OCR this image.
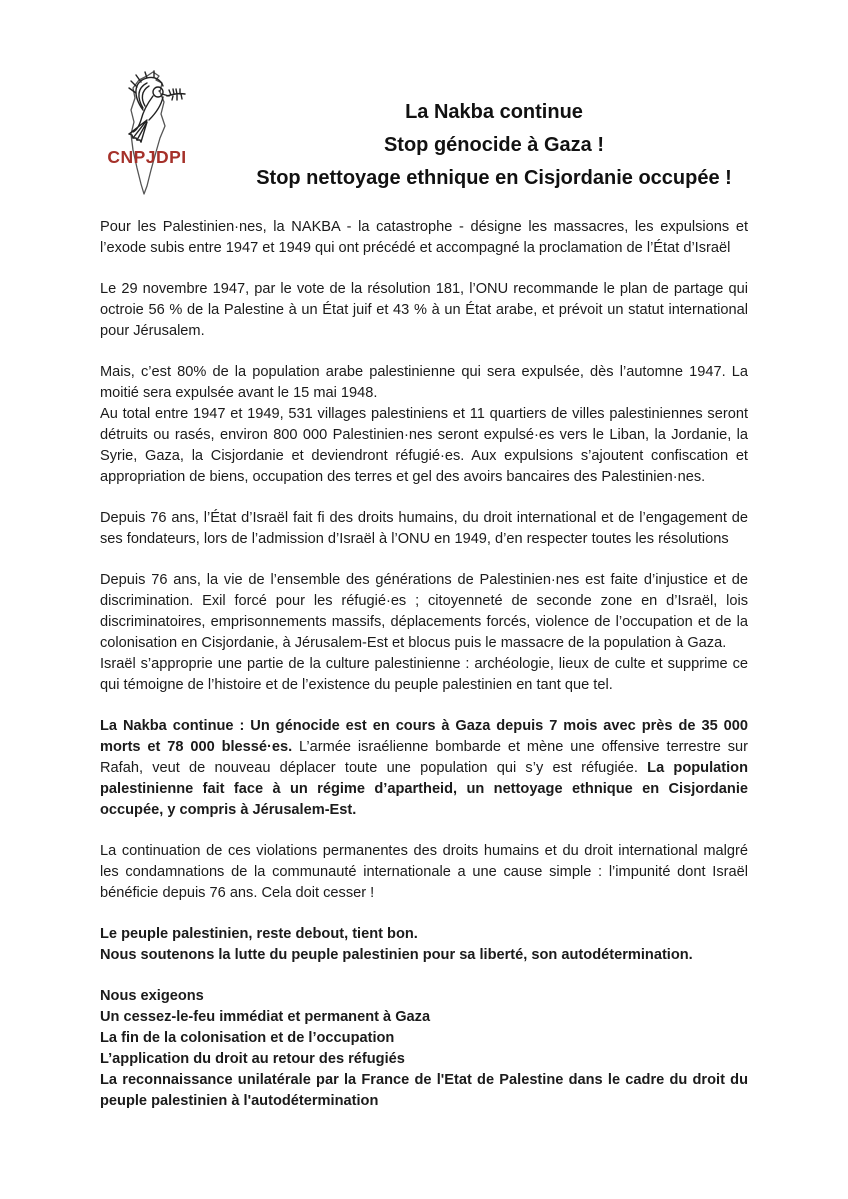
CNPJDPI
La Nakba continue
Stop génocide à Gaza !
Stop nettoyage ethnique en Cisjordanie occupée !

Pour les Palestinien·nes, la NAKBA - la catastrophe - désigne les massacres, les expulsions et l’exode subis entre 1947 et 1949 qui ont précédé et accompagné la proclamation de l’État d’Israël

Le 29 novembre 1947, par le vote de la résolution 181, l’ONU recommande le plan de partage qui octroie 56 % de la Palestine à un État juif et 43 % à un État arabe, et prévoit un statut international pour Jérusalem.

Mais, c’est 80% de la population arabe palestinienne qui sera expulsée, dès l’automne 1947. La moitié sera expulsée avant le 15 mai 1948.

Au total entre 1947 et 1949, 531 villages palestiniens et 11 quartiers de villes palestiniennes seront détruits ou rasés, environ 800 000 Palestinien·nes seront expulsé·es vers le Liban, la Jordanie, la Syrie, Gaza, la Cisjordanie et deviendront réfugié·es. Aux expulsions s’ajoutent confiscation et appropriation de biens, occupation des terres et gel des avoirs bancaires des Palestinien·nes.

Depuis 76 ans, l’État d’Israël fait fi des droits humains, du droit international et de l’engagement de ses fondateurs, lors de l’admission d’Israël à l’ONU en 1949, d’en respecter toutes les résolutions

Depuis 76 ans, la vie de l’ensemble des générations de Palestinien·nes est faite d’injustice et de discrimination. Exil forcé pour les réfugié·es ; citoyenneté de seconde zone en d’Israël, lois discriminatoires, emprisonnements massifs, déplacements forcés, violence de l’occupation et de la colonisation en Cisjordanie, à Jérusalem-Est et blocus puis le massacre de la population à Gaza.

Israël s’approprie une partie de la culture palestinienne : archéologie, lieux de culte et supprime ce qui témoigne de l’histoire et de l’existence du peuple palestinien en tant que tel.

La Nakba continue : Un génocide est en cours à Gaza depuis 7 mois avec près de 35 000 morts et 78 000 blessé·es. L’armée israélienne bombarde et mène une offensive terrestre sur Rafah, veut de nouveau déplacer toute une population qui s’y est réfugiée. La population palestinienne fait face à un régime d’apartheid, un nettoyage ethnique en Cisjordanie occupée, y compris à Jérusalem-Est.

La continuation de ces violations permanentes des droits humains et du droit international malgré les condamnations de la communauté internationale a une cause simple : l’impunité dont Israël bénéficie depuis 76 ans. Cela doit cesser !

Le peuple palestinien, reste debout, tient bon.

Nous soutenons la lutte du peuple palestinien pour sa liberté, son autodétermination.

Nous exigeons

Un cessez-le-feu immédiat et permanent à Gaza

La fin de la colonisation et de l’occupation

L’application du droit au retour des réfugiés

La reconnaissance unilatérale par la France de l'Etat de Palestine dans le cadre du droit du peuple palestinien à l'autodétermination
